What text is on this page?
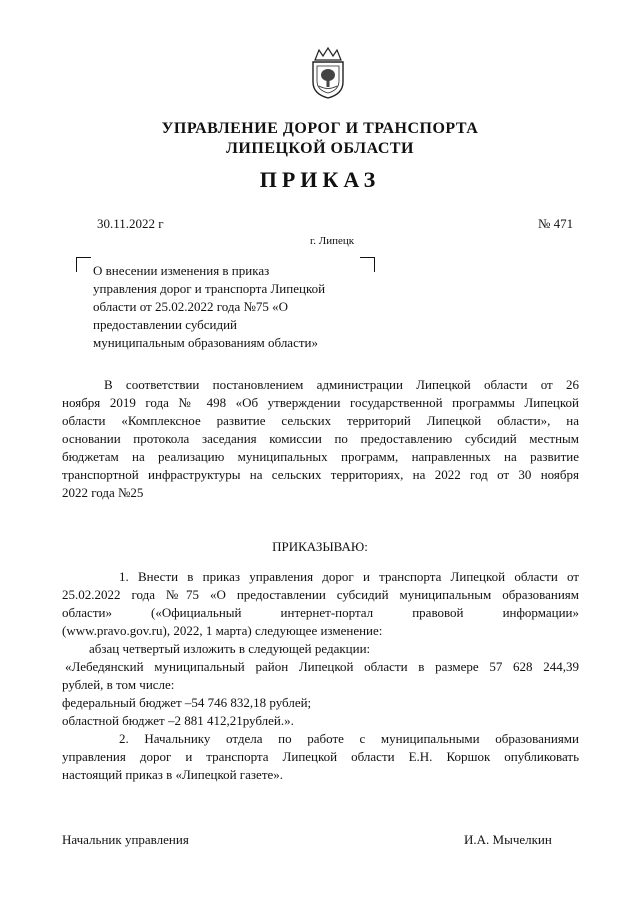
УПРАВЛЕНИЕ ДОРОГ И ТРАНСПОРТА
ЛИПЕЦКОЙ ОБЛАСТИ
ПРИКАЗ
30.11.2022 г	№ 471
г. Липецк
О внесении изменения в приказ
управления дорог и транспорта Липецкой
области от 25.02.2022 года №75 «О
предоставлении субсидий
муниципальным образованиям области»
В соответствии постановлением администрации Липецкой области от 26
ноября 2019 года № 498 «Об утверждении государственной программы Липецкой
области «Комплексное развитие сельских территорий Липецкой области», на
основании протокола заседания комиссии по предоставлению субсидий местным
бюджетам на реализацию муниципальных программ, направленных на развитие
транспортной инфраструктуры на сельских территориях, на 2022 год от 30 ноября
2022 года №25
ПРИКАЗЫВАЮ:
1. Внести в приказ управления дорог и транспорта Липецкой области от
25.02.2022 года №75 «О предоставлении субсидий муниципальным образованиям
области» («Официальный интернет-портал правовой информации»
(www.pravo.gov.ru), 2022, 1 марта) следующее изменение:
абзац четвертый изложить в следующей редакции:
«Лебедянский муниципальный район Липецкой области в размере 57 628 244,39
рублей, в том числе:
федеральный бюджет –54 746 832,18 рублей;
областной бюджет –2 881 412,21рублей.».
2. Начальнику отдела по работе с муниципальными образованиями
управления дорог и транспорта Липецкой области Е.Н. Коршок опубликовать
настоящий приказ в «Липецкой газете».
Начальник управления	И.А. Мычелкин
